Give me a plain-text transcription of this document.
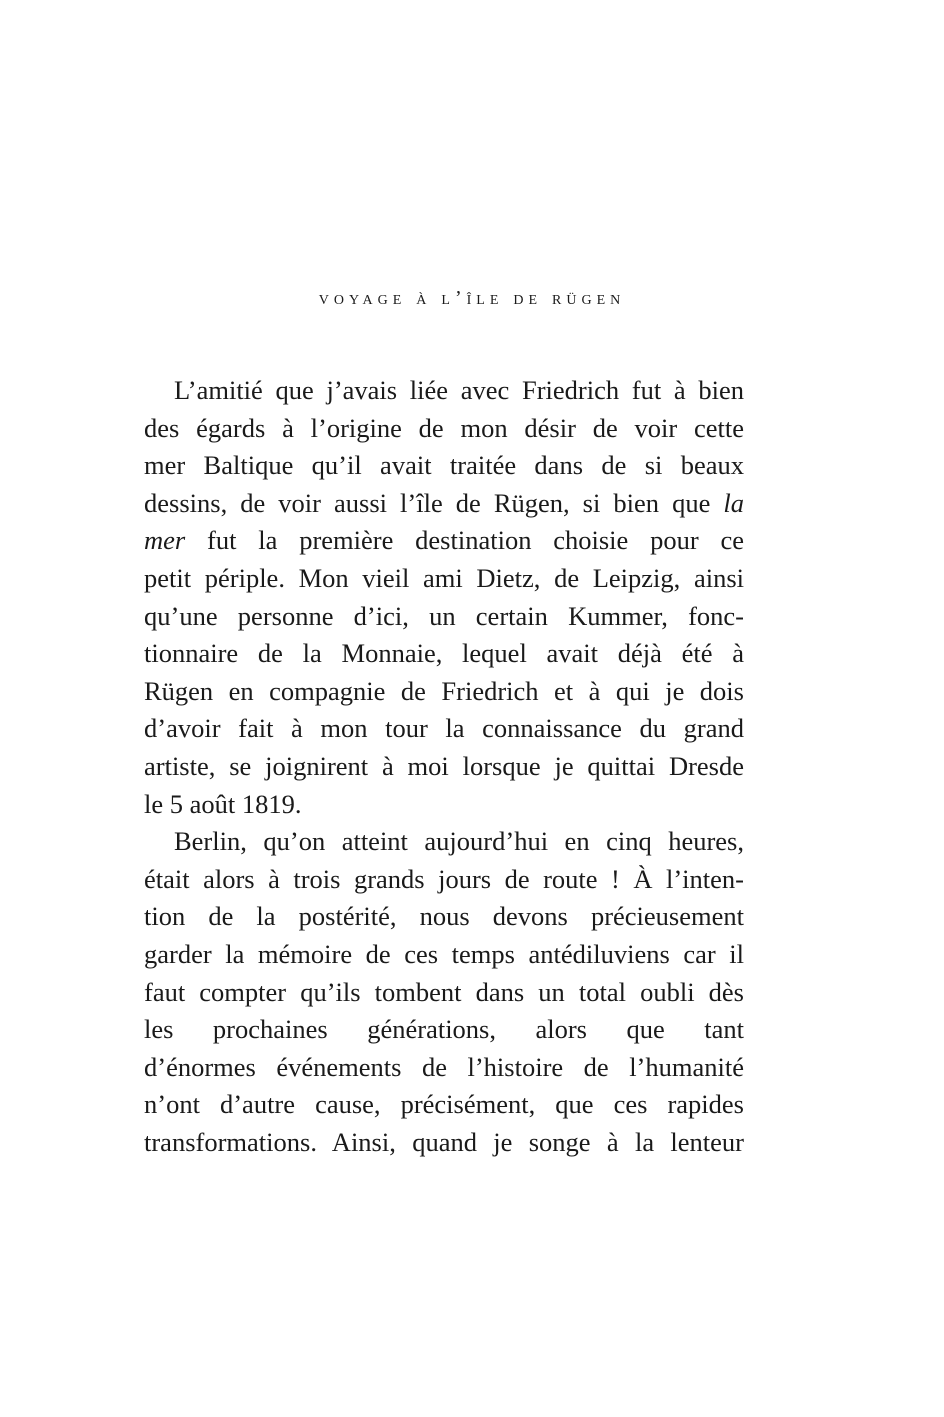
voyage à l’île de rügen
L’amitié que j’avais liée avec Friedrich fut à bien
des égards à l’origine de mon désir de voir cette
mer Baltique qu’il avait traitée dans de si beaux
dessins, de voir aussi l’île de Rügen, si bien que la
mer fut la première destination choisie pour ce
petit périple. Mon vieil ami Dietz, de Leipzig, ainsi
qu’une personne d’ici, un certain Kummer, fonc-
tionnaire de la Monnaie, lequel avait déjà été à
Rügen en compagnie de Friedrich et à qui je dois
d’avoir fait à mon tour la connaissance du grand
artiste, se joignirent à moi lorsque je quittai Dresde
le 5 août 1819.
Berlin, qu’on atteint aujourd’hui en cinq heures,
était alors à trois grands jours de route ! À l’inten-
tion de la postérité, nous devons précieusement
garder la mémoire de ces temps antédiluviens car il
faut compter qu’ils tombent dans un total oubli dès
les prochaines générations, alors que tant
d’énormes événements de l’histoire de l’humanité
n’ont d’autre cause, précisément, que ces rapides
transformations. Ainsi, quand je songe à la lenteur
